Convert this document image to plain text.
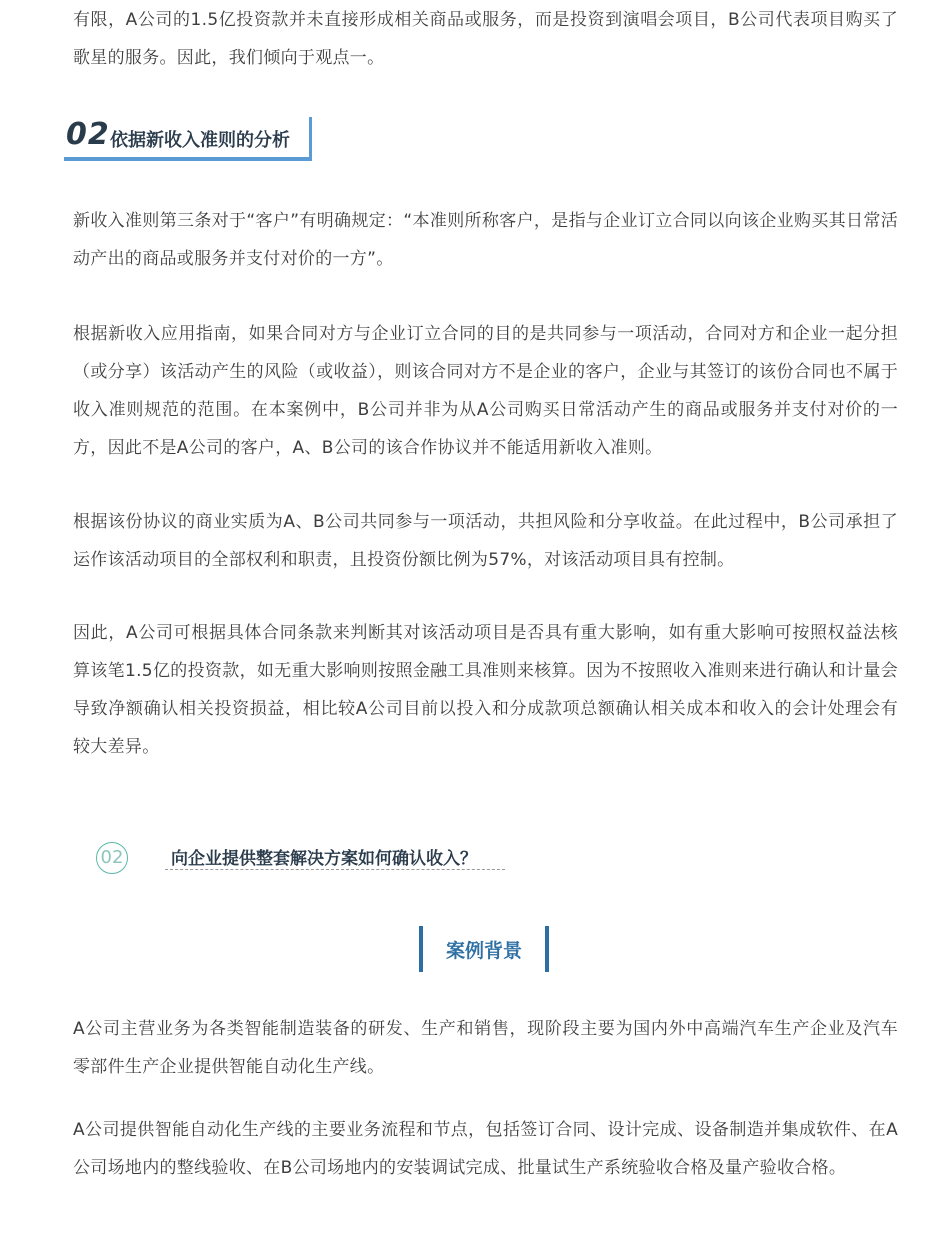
有限，A公司的1.5亿投资款并未直接形成相关商品或服务，而是投资到演唱会项目，B公司代表项目购买了歌星的服务。因此，我们倾向于观点一。

02 依据新收入准则的分析

新收入准则第三条对于“客户”有明确规定：“本准则所称客户，是指与企业订立合同以向该企业购买其日常活动产出的商品或服务并支付对价的一方”。

根据新收入应用指南，如果合同对方与企业订立合同的目的是共同参与一项活动，合同对方和企业一起分担（或分享）该活动产生的风险（或收益），则该合同对方不是企业的客户，企业与其签订的该份合同也不属于收入准则规范的范围。在本案例中，B公司并非为从A公司购买日常活动产生的商品或服务并支付对价的一方，因此不是A公司的客户，A、B公司的该合作协议并不能适用新收入准则。

根据该份协议的商业实质为A、B公司共同参与一项活动，共担风险和分享收益。在此过程中，B公司承担了运作该活动项目的全部权利和职责，且投资份额比例为57%，对该活动项目具有控制。

因此，A公司可根据具体合同条款来判断其对该活动项目是否具有重大影响，如有重大影响可按照权益法核算该笔1.5亿的投资款，如无重大影响则按照金融工具准则来核算。因为不按照收入准则来进行确认和计量会导致净额确认相关投资损益，相比较A公司目前以投入和分成款项总额确认相关成本和收入的会计处理会有较大差异。

02	向企业提供整套解决方案如何确认收入？
案例背景

A公司主营业务为各类智能制造装备的研发、生产和销售，现阶段主要为国内外中高端汽车生产企业及汽车零部件生产企业提供智能自动化生产线。

A公司提供智能自动化生产线的主要业务流程和节点，包括签订合同、设计完成、设备制造并集成软件、在A公司场地内的整线验收、在B公司场地内的安装调试完成、批量试生产系统验收合格及量产验收合格。
